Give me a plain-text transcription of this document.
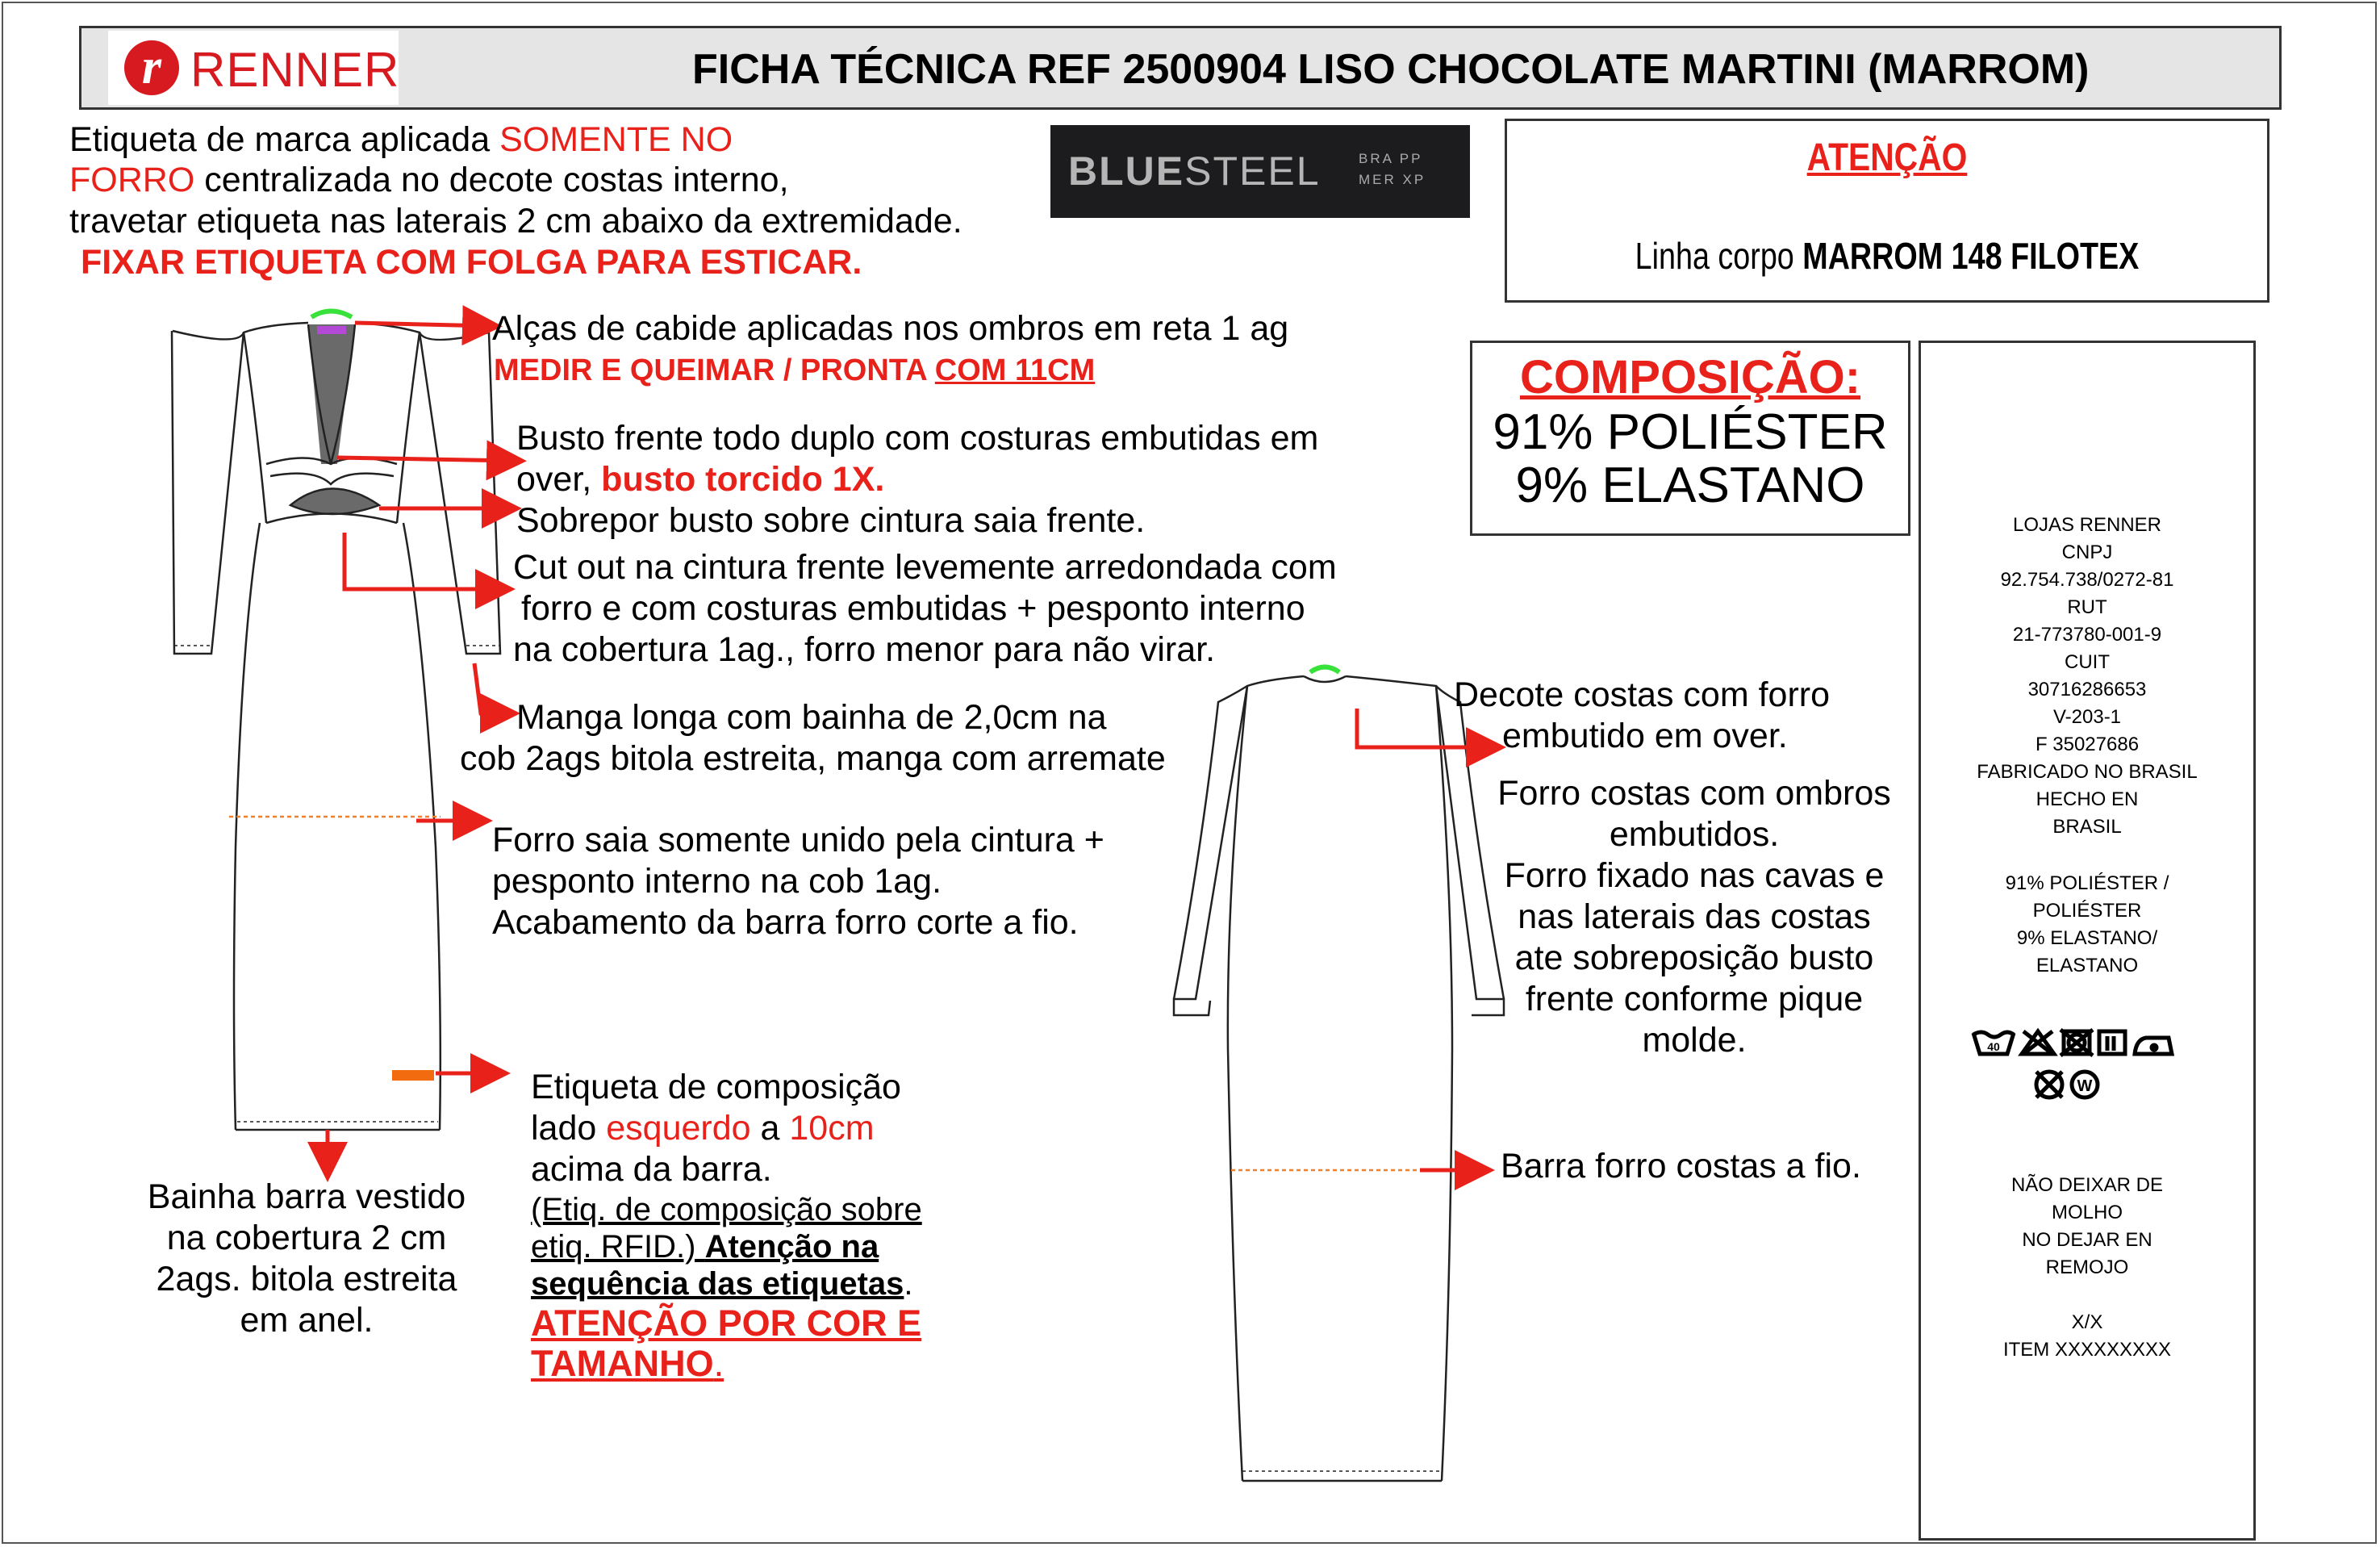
r RENNER	FICHA TÉCNICA REF 2500904 LISO CHOCOLATE MARTINI (MARROM)
Etiqueta de marca aplicada SOMENTE NO
FORRO centralizada no decote costas interno,
travetar etiqueta nas laterais 2 cm abaixo da extremidade.
FIXAR ETIQUETA COM FOLGA PARA ESTICAR.
BLUESTEEL	BRA PP
MER XP
ATENÇÃO
Linha corpo MARROM 148 FILOTEX
COMPOSIÇÃO:
91% POLIÉSTER
9% ELASTANO
LOJAS RENNER
CNPJ
92.754.738/0272-81
RUT
21-773780-001-9
CUIT
30716286653
V-203-1
F 35027686
FABRICADO NO BRASIL
HECHO EN
BRASIL
91% POLIÉSTER /
POLIÉSTER
9% ELASTANO/
ELASTANO
NÃO DEIXAR DE
MOLHO
NO DEJAR EN
REMOJO
X/X
ITEM XXXXXXXXX
40
W
Alças de cabide aplicadas nos ombros em reta 1 ag
MEDIR E QUEIMAR / PRONTA COM 11CM
Busto frente todo duplo com costuras embutidas em
over, busto torcido 1X.
Sobrepor busto sobre cintura saia frente.
Cut out na cintura frente levemente arredondada com
forro e com costuras embutidas + pesponto interno
na cobertura 1ag., forro menor para não virar.
Manga longa com bainha de 2,0cm na
cob 2ags bitola estreita, manga com arremate
Forro saia somente unido pela cintura +
pesponto interno na cob 1ag.
Acabamento da barra forro corte a fio.
Etiqueta de composição
lado esquerdo a 10cm
acima da barra.
(Etiq. de composição sobre
etiq. RFID.) Atenção na
sequência das etiquetas.
ATENÇÃO POR COR E
TAMANHO.
Bainha barra vestido
na cobertura 2 cm
2ags. bitola estreita
em anel.
Decote costas com forro
embutido em over.
Forro costas com ombros
embutidos.
Forro fixado nas cavas e
nas laterais das costas
ate sobreposição busto
frente conforme pique
molde.
Barra forro costas a fio.
